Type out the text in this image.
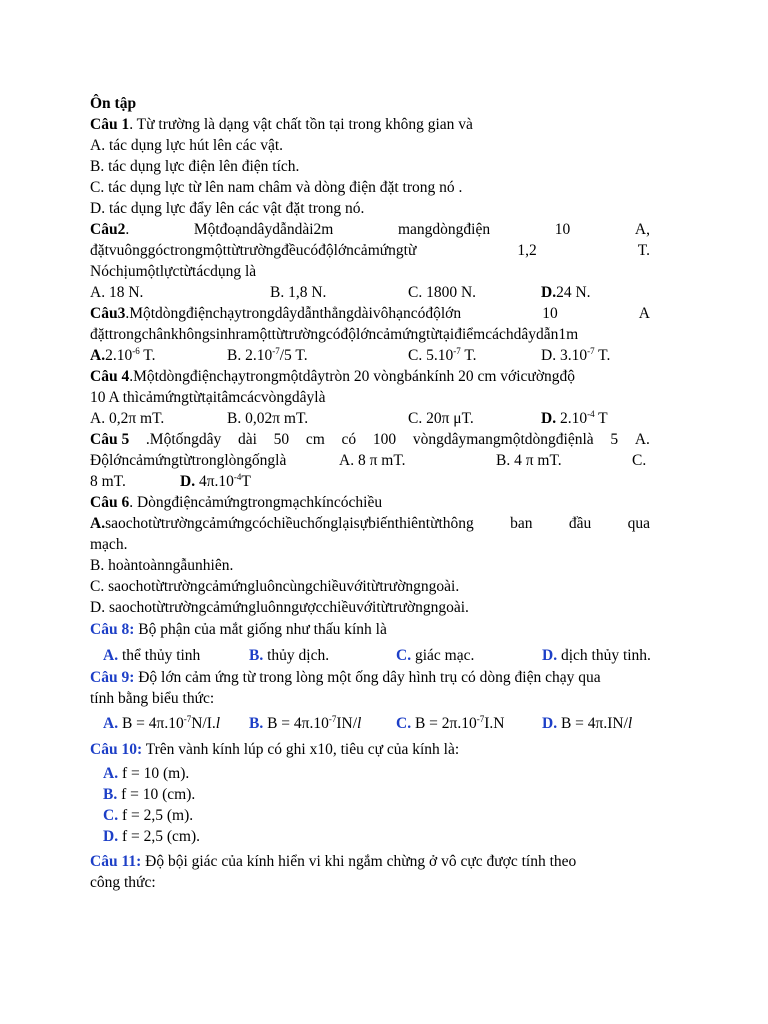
Ôn tập
Câu 1. Từ trường là dạng vật chất tồn tại trong không gian và
A. tác dụng lực hút lên các vật.
B. tác dụng lực điện lên điện tích.
C. tác dụng lực từ lên nam châm và dòng điện đặt trong nó .
D. tác dụng lực đẩy lên các vật đặt trong nó.
Câu2.	Mộtđoạndâydẫndài2m	mangdòngđiện	10	A,
đặtvuônggóctrongmộttừtrườngđềucóđộlớncảmứngtừ	1,2	T.
Nóchịumộtlựctừtácdụng là
A. 18 N.	B. 1,8 N.	C. 1800 N.	D.24 N.
Câu3.Mộtdòngđiệnchạytrongdâydẫnthẳngdàivôhạncóđộlớn	10	A
đặttrongchânkhôngsinhramộttừtrườngcóđộlớncảmứngtừtạiđiểmcáchdâydẫn1m
$A.2.10^{-6}$ T.	B. $2.10^{-7}/5$ T.	C. $5.10^{-7}$ T.	D. $3.10^{-7}$ T.
Câu 4.Mộtdòngđiệnchạytrongmộtdâytròn 20 vòngbánkính 20 cm vớicườngđộ
10 A thìcảmứngtừtạitâmcácvòngdâylà
A. 0,2π mT.	B. 0,02π mT.	C. 20π μT.	D. $2.10^{-4}$ T
Câu 5 .Mộtốngdây dài 50 cm có 100 vòngdâymangmộtdòngđiệnlà 5 A.
Độlớncảmứngtừtronglòngốnglà	A. 8 π mT.	B. 4 π mT.	C.
8 mT.	D. $4\pi.10^{-4}T$
Câu 6. Dòngđiệncảmứngtrongmạchkíncóchiều
A.saochotừtrườngcảmứngcóchiềuchốnglạisựbiếnthiêntừthông ban đầu qua
mạch.
B. hoàntoànngẫunhiên.
C. saochotừtrườngcảmứngluôncùngchiềuvớitừtrườngngoài.
D. saochotừtrườngcảmứngluônngượcchiềuvớitừtrườngngoài.
Câu 8: Bộ phận của mắt giống như thấu kính là
A. thể thủy tinh	B. thủy dịch.	C. giác mạc.	D. dịch thủy tinh.
Câu 9: Độ lớn cảm ứng từ trong lòng một ống dây hình trụ có dòng điện chạy qua
tính bằng biểu thức:
A. $B = 4\pi.10^{-7}N/I.l$ B. $B = 4\pi.10^{-7}IN/l$ C. $B = 2\pi.10^{-7}I.N$ D. B = 4π.IN/l
Câu 10: Trên vành kính lúp có ghi x10, tiêu cự của kính là:
A. f = 10 (m).
B. f = 10 (cm).
C. f = 2,5 (m).
D. f = 2,5 (cm).
Câu 11: Độ bội giác của kính hiển vi khi ngắm chừng ở vô cực được tính theo
công thức:
